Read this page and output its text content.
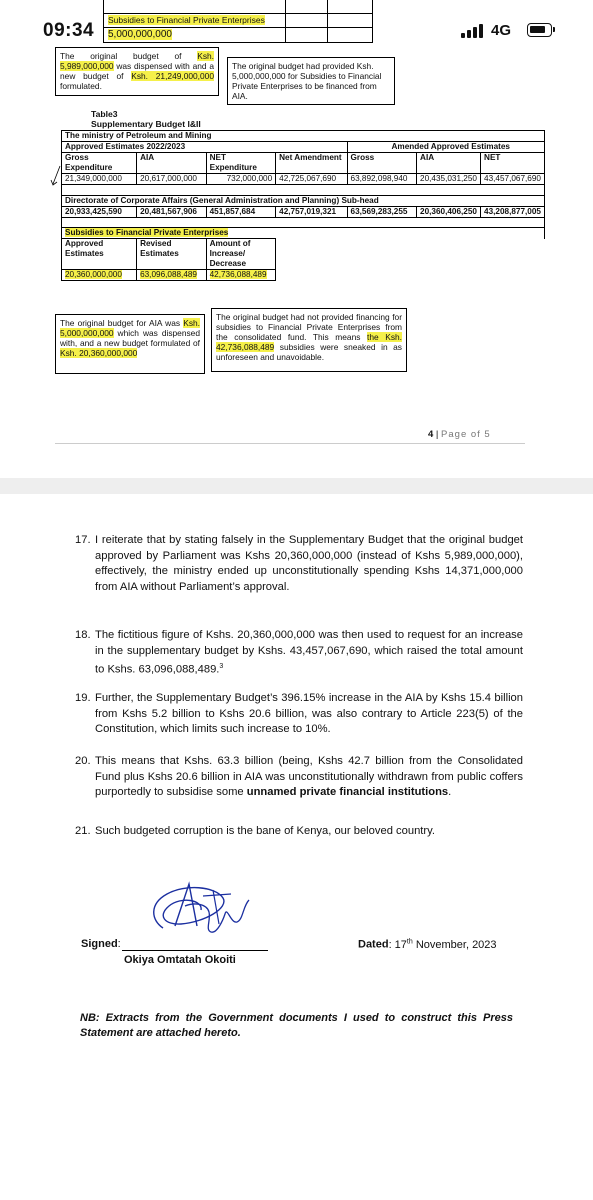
Subsidies to Financial Private Enterprises
5,000,000,000
09:34	4G
The original budget of Ksh. 5,989,000,000 was dispensed with and a new budget of Ksh. 21,249,000,000 formulated.
The original budget had provided Ksh. 5,000,000,000 for Subsidies to Financial Private Enterprises to be financed from AIA.
Table3
Supplementary Budget I&II
The ministry of Petroleum and Mining						
Approved Estimates 2022/2023				Amended Approved Estimates		
Gross Expenditure	AIA	NET Expenditure	Net Amendment	Gross	AIA	NET
21,349,000,000	20,617,000,000	732,000,000	42,725,067,690	63,892,098,940	20,435,031,250	43,457,067,690

Directorate of Corporate Affairs (General Administration and Planning) Sub-head						
20,933,425,590	20,481,567,906	451,857,684	42,757,019,321	63,569,283,255	20,360,406,250	43,208,877,005

Subsidies to Financial Private Enterprises						
Approved Estimates	Revised Estimates	Amount of Increase/ Decrease				
20,360,000,000	63,096,088,489	42,736,088,489				
The original budget for AIA was Ksh. 5,000,000,000 which was dispensed with, and a new budget formulated of Ksh. 20,360,000,000
The original budget had not provided financing for subsidies to Financial Private Enterprises from the consolidated fund. This means the Ksh. 42,736,088,489 subsidies were sneaked in as unforeseen and unavoidable.
4 | Page of 5
17. I reiterate that by stating falsely in the Supplementary Budget that the original budget approved by Parliament was Kshs 20,360,000,000 (instead of Kshs 5,989,000,000), effectively, the ministry ended up unconstitutionally spending Kshs 14,371,000,000 from AIA without Parliament’s approval.
18. The fictitious figure of Kshs. 20,360,000,000 was then used to request for an increase in the supplementary budget by Kshs. 43,457,067,690, which raised the total amount to Kshs. 63,096,088,489.$^3$
19. Further, the Supplementary Budget’s 396.15% increase in the AIA by Kshs 15.4 billion from Kshs 5.2 billion to Kshs 20.6 billion, was also contrary to Article 223(5) of the Constitution, which limits such increase to 10%.
20. This means that Kshs. 63.3 billion (being, Kshs 42.7 billion from the Consolidated Fund plus Kshs 20.6 billion in AIA was unconstitutionally withdrawn from public coffers purportedly to subsidise some unnamed private financial institutions.
21. Such budgeted corruption is the bane of Kenya, our beloved country.
Signed:
Okiya Omtatah Okoiti
Dated: 17th November, 2023
NB: Extracts from the Government documents I used to construct this Press Statement are attached hereto.
